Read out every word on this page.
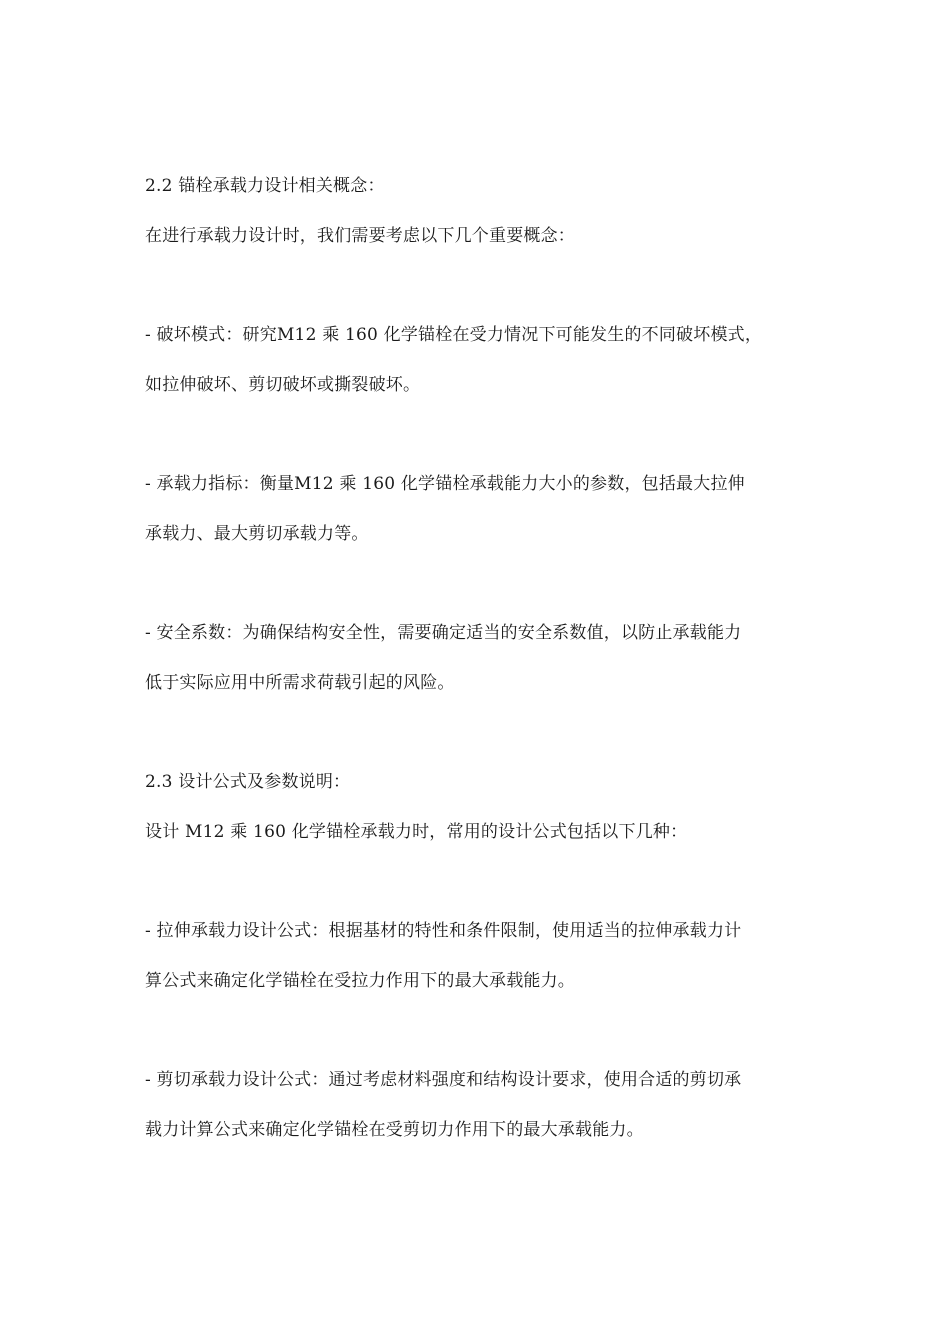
2.2 锚栓承载力设计相关概念：
在进行承载力设计时，我们需要考虑以下几个重要概念：
- 破坏模式：研究M12 乘 160 化学锚栓在受力情况下可能发生的不同破坏模式，
如拉伸破坏、剪切破坏或撕裂破坏。
- 承载力指标：衡量M12 乘 160 化学锚栓承载能力大小的参数，包括最大拉伸
承载力、最大剪切承载力等。
- 安全系数：为确保结构安全性，需要确定适当的安全系数值，以防止承载能力
低于实际应用中所需求荷载引起的风险。
2.3 设计公式及参数说明：
设计 M12 乘 160 化学锚栓承载力时，常用的设计公式包括以下几种：
- 拉伸承载力设计公式：根据基材的特性和条件限制，使用适当的拉伸承载力计
算公式来确定化学锚栓在受拉力作用下的最大承载能力。
- 剪切承载力设计公式：通过考虑材料强度和结构设计要求，使用合适的剪切承
载力计算公式来确定化学锚栓在受剪切力作用下的最大承载能力。
